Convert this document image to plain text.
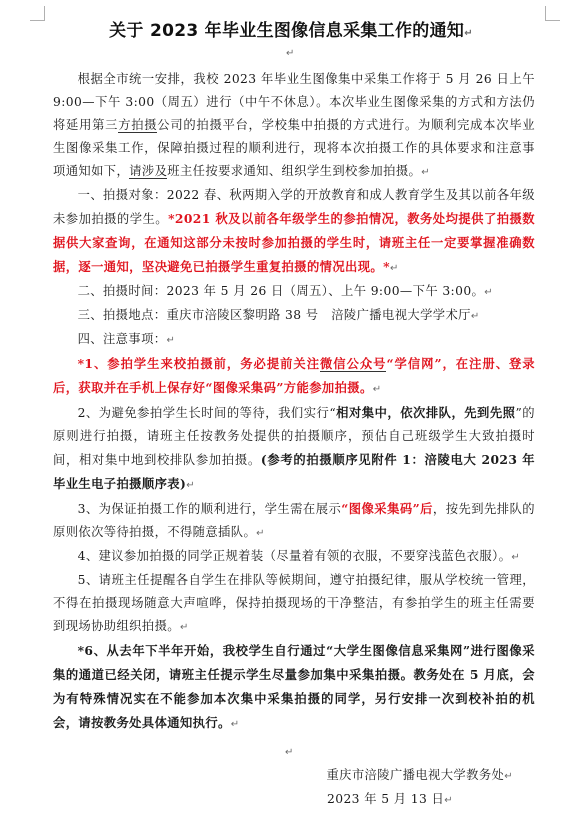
关于 2023 年毕业生图像信息采集工作的通知↵
↵

根据全市统一安排，我校 2023 年毕业生图像集中采集工作将于 5 月 26 日上午 9:00—下午 3:00（周五）进行（中午不休息）。本次毕业生图像采集的方式和方法仍将延用第三方拍摄公司的拍摄平台，学校集中拍摄的方式进行。为顺利完成本次毕业生图像采集工作，保障拍摄过程的顺利进行，现将本次拍摄工作的具体要求和注意事项通知如下，请涉及班主任按要求通知、组织学生到校参加拍摄。↵

一、拍摄对象：2022 春、秋两期入学的开放教育和成人教育学生及其以前各年级未参加拍摄的学生。*2021 秋及以前各年级学生的参拍情况，教务处均提供了拍摄数据供大家查询，在通知这部分未按时参加拍摄的学生时，请班主任一定要掌握准确数据，逐一通知，坚决避免已拍摄学生重复拍摄的情况出现。*↵

二、拍摄时间：2023 年 5 月 26 日（周五）、上午 9:00—下午 3:00。↵

三、拍摄地点：重庆市涪陵区黎明路 38 号　涪陵广播电视大学学术厅↵

四、注意事项：↵

*1、参拍学生来校拍摄前，务必提前关注微信公众号“学信网”，在注册、登录后，获取并在手机上保存好“图像采集码”方能参加拍摄。↵

2、为避免参拍学生长时间的等待，我们实行“相对集中，依次排队，先到先照”的原则进行拍摄，请班主任按教务处提供的拍摄顺序，预估自己班级学生大致拍摄时间，相对集中地到校排队参加拍摄。(参考的拍摄顺序见附件 1：涪陵电大 2023 年毕业生电子拍摄顺序表)↵

3、为保证拍摄工作的顺利进行，学生需在展示“图像采集码”后，按先到先排队的原则依次等待拍摄，不得随意插队。↵

4、建议参加拍摄的同学正规着装（尽量着有领的衣服，不要穿浅蓝色衣服）。↵

5、请班主任提醒各自学生在排队等候期间，遵守拍摄纪律，服从学校统一管理，不得在拍摄现场随意大声喧哗，保持拍摄现场的干净整洁，有参拍学生的班主任需要到现场协助组织拍摄。↵

*6、从去年下半年开始，我校学生自行通过“大学生图像信息采集网”进行图像采集的通道已经关闭，请班主任提示学生尽量参加集中采集拍摄。教务处在 5 月底，会为有特殊情况实在不能参加本次集中采集拍摄的同学，另行安排一次到校补拍的机会，请按教务处具体通知执行。↵

↵
重庆市涪陵广播电视大学教务处↵
2023 年 5 月 13 日↵
